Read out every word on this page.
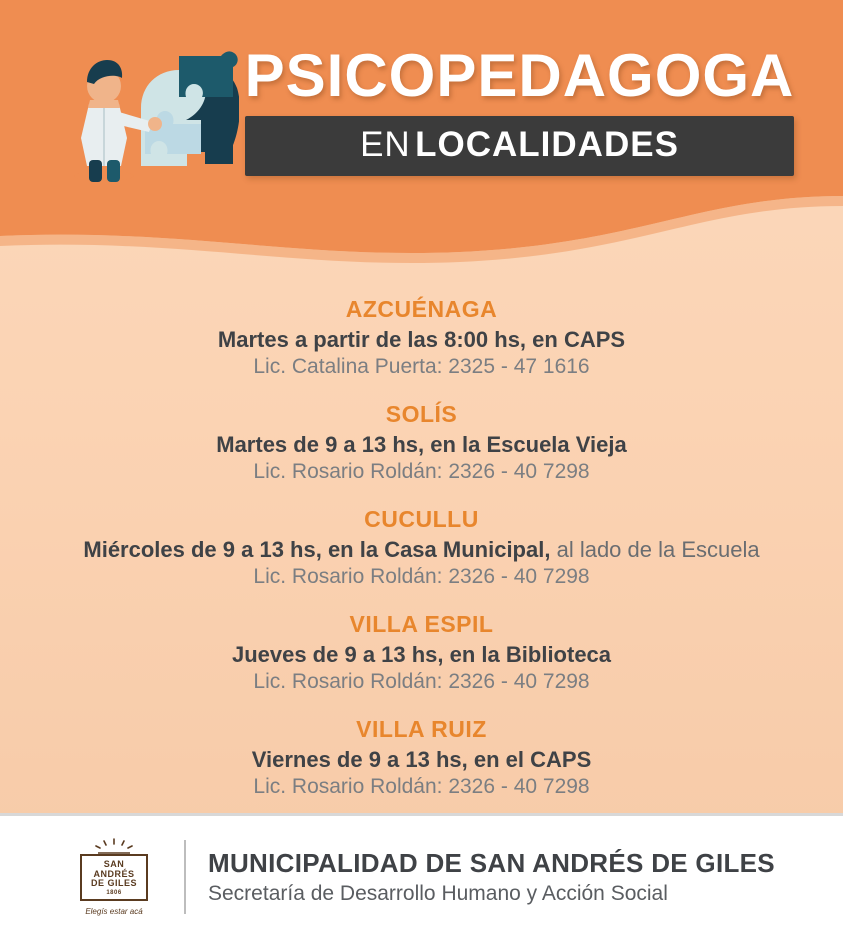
PSICOPEDAGOGA
EN LOCALIDADES
AZCUÉNAGA
Martes a partir de las 8:00 hs, en CAPS
Lic. Catalina Puerta: 2325 - 47 1616
SOLÍS
Martes de 9 a 13 hs, en la Escuela Vieja
Lic. Rosario Roldán: 2326 - 40 7298
CUCULLU
Miércoles de 9 a 13 hs, en la Casa Municipal, al lado de la Escuela
Lic. Rosario Roldán: 2326 - 40 7298
VILLA ESPIL
Jueves de 9 a 13 hs, en la Biblioteca
Lic. Rosario Roldán: 2326 - 40 7298
VILLA RUIZ
Viernes de 9 a 13 hs, en el CAPS
Lic. Rosario Roldán: 2326 - 40 7298
SAN
ANDRÉS
DE GILES
1806
Elegís estar acá
MUNICIPALIDAD DE SAN ANDRÉS DE GILES
Secretaría de Desarrollo Humano y Acción Social
